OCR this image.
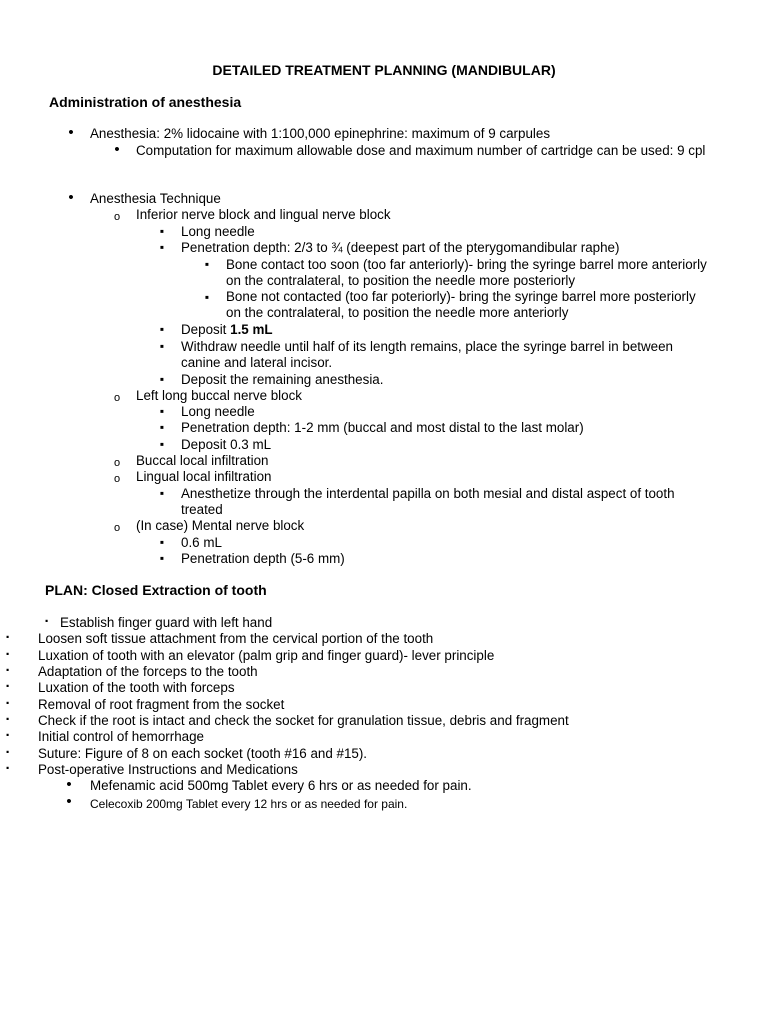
DETAILED TREATMENT PLANNING (MANDIBULAR)
Administration of anesthesia
•
Anesthesia: 2% lidocaine with 1:100,000 epinephrine: maximum of 9 carpules
•
Computation for maximum allowable dose and maximum number of cartridge can be used: 9 cpl
•
Anesthesia Technique
o
Inferior nerve block and lingual nerve block
▪
Long needle
▪
Penetration depth: 2/3 to ¾ (deepest part of the pterygomandibular raphe)
▪
Bone contact too soon (too far anteriorly)- bring the syringe barrel more anteriorly
on the contralateral, to position the needle more posteriorly
▪
Bone not contacted (too far poteriorly)- bring the syringe barrel more posteriorly
on the contralateral, to position the needle more anteriorly
▪
Deposit 1.5 mL
▪
Withdraw needle until half of its length remains, place the syringe barrel in between
canine and lateral incisor.
▪
Deposit the remaining anesthesia.
o
Left long buccal nerve block
▪
Long needle
▪
Penetration depth: 1-2 mm (buccal and most distal to the last molar)
▪
Deposit 0.3 mL
o
Buccal local infiltration
o
Lingual local infiltration
▪
Anesthetize through the interdental papilla on both mesial and distal aspect of tooth
treated
o
(In case) Mental nerve block
▪
0.6 mL
▪
Penetration depth (5-6 mm)
PLAN: Closed Extraction of tooth
·
Establish finger guard with left hand
·
Loosen soft tissue attachment from the cervical portion of the tooth
·
Luxation of tooth with an elevator (palm grip and finger guard)- lever principle
·
Adaptation of the forceps to the tooth
·
Luxation of the tooth with forceps
·
Removal of root fragment from the socket
·
Check if the root is intact and check the socket for granulation tissue, debris and fragment
·
Initial control of hemorrhage
·
Suture: Figure of 8 on each socket (tooth #16 and #15).
·
Post-operative Instructions and Medications
•
Mefenamic acid 500mg Tablet every 6 hrs or as needed for pain.
•
Celecoxib 200mg Tablet every 12 hrs or as needed for pain.
